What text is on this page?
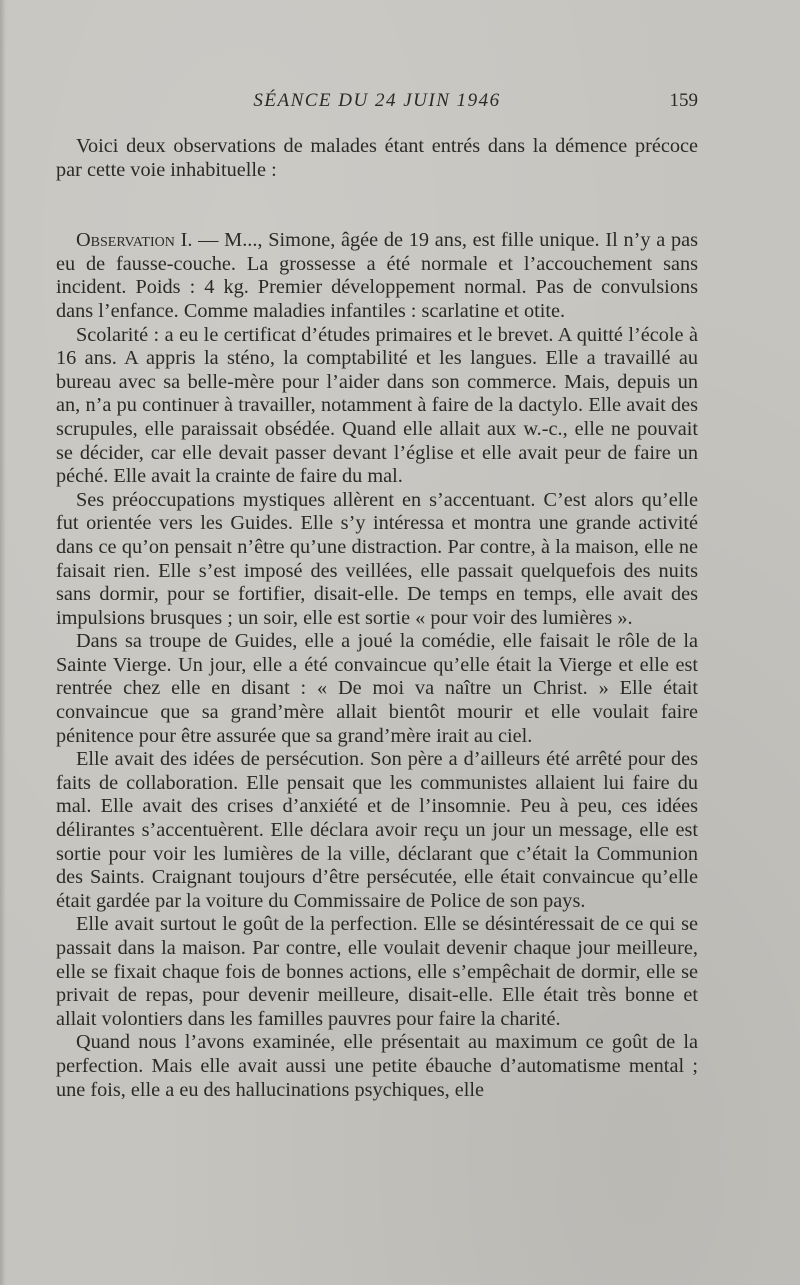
SÉANCE DU 24 JUIN 1946	159

Voici deux observations de malades étant entrés dans la démence précoce par cette voie inhabituelle :

Observation I. — M..., Simone, âgée de 19 ans, est fille unique. Il n’y a pas eu de fausse-couche. La grossesse a été normale et l’accouchement sans incident. Poids : 4 kg. Premier développement normal. Pas de convulsions dans l’enfance. Comme maladies infantiles : scarlatine et otite.

Scolarité : a eu le certificat d’études primaires et le brevet. A quitté l’école à 16 ans. A appris la sténo, la comptabilité et les langues. Elle a travaillé au bureau avec sa belle-mère pour l’aider dans son commerce. Mais, depuis un an, n’a pu continuer à travailler, notamment à faire de la dactylo. Elle avait des scrupules, elle paraissait obsédée. Quand elle allait aux w.-c., elle ne pouvait se décider, car elle devait passer devant l’église et elle avait peur de faire un péché. Elle avait la crainte de faire du mal.

Ses préoccupations mystiques allèrent en s’accentuant. C’est alors qu’elle fut orientée vers les Guides. Elle s’y intéressa et montra une grande activité dans ce qu’on pensait n’être qu’une distraction. Par contre, à la maison, elle ne faisait rien. Elle s’est imposé des veillées, elle passait quelquefois des nuits sans dormir, pour se fortifier, disait-elle. De temps en temps, elle avait des impulsions brusques ; un soir, elle est sortie « pour voir des lumières ».

Dans sa troupe de Guides, elle a joué la comédie, elle faisait le rôle de la Sainte Vierge. Un jour, elle a été convaincue qu’elle était la Vierge et elle est rentrée chez elle en disant : « De moi va naître un Christ. » Elle était convaincue que sa grand’mère allait bientôt mourir et elle voulait faire pénitence pour être assurée que sa grand’mère irait au ciel.

Elle avait des idées de persécution. Son père a d’ailleurs été arrêté pour des faits de collaboration. Elle pensait que les communistes allaient lui faire du mal. Elle avait des crises d’anxiété et de l’insomnie. Peu à peu, ces idées délirantes s’accentuèrent. Elle déclara avoir reçu un jour un message, elle est sortie pour voir les lumières de la ville, déclarant que c’était la Communion des Saints. Craignant toujours d’être persécutée, elle était convaincue qu’elle était gardée par la voiture du Commissaire de Police de son pays.

Elle avait surtout le goût de la perfection. Elle se désintéressait de ce qui se passait dans la maison. Par contre, elle voulait devenir chaque jour meilleure, elle se fixait chaque fois de bonnes actions, elle s’empêchait de dormir, elle se privait de repas, pour devenir meilleure, disait-elle. Elle était très bonne et allait volontiers dans les familles pauvres pour faire la charité.

Quand nous l’avons examinée, elle présentait au maximum ce goût de la perfection. Mais elle avait aussi une petite ébauche d’automatisme mental ; une fois, elle a eu des hallucinations psychiques, elle
